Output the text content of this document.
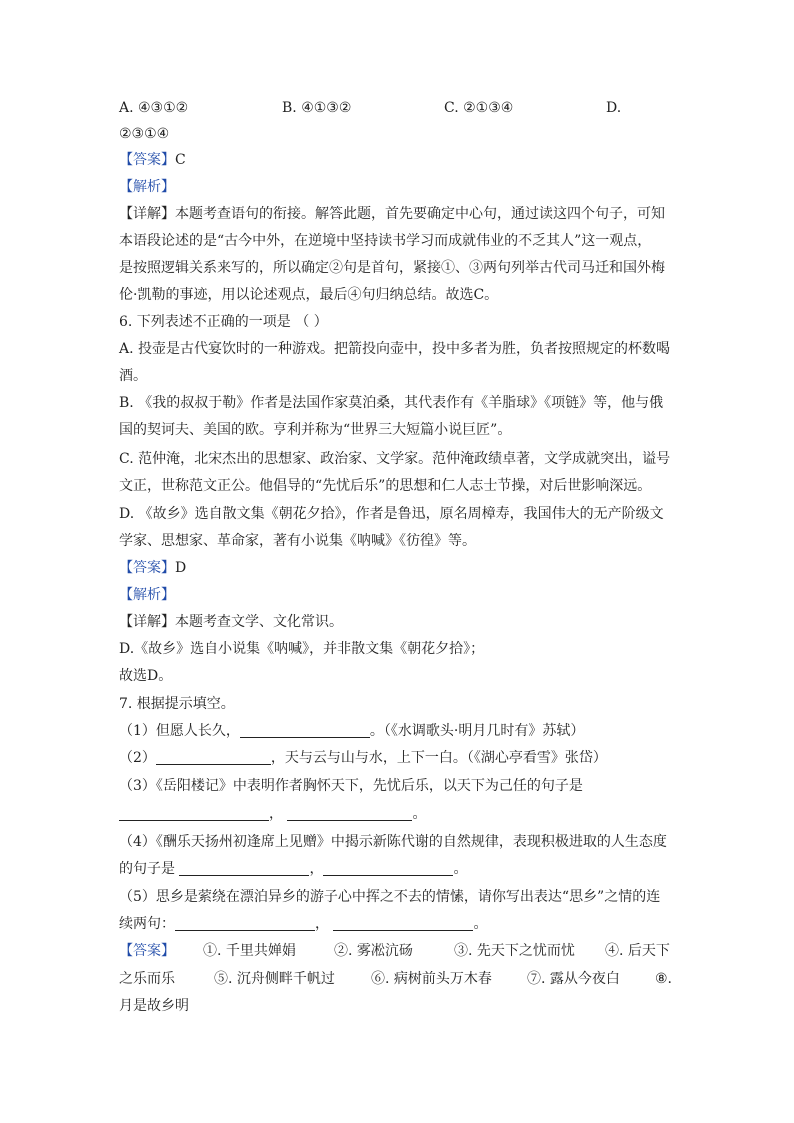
A. ④③①②	B. ④①③②	C. ②①③④	D.
②③①④
【答案】C
【解析】
【详解】本题考查语句的衔接。解答此题，首先要确定中心句，通过读这四个句子，可知
本语段论述的是“古今中外，在逆境中坚持读书学习而成就伟业的不乏其人”这一观点，
是按照逻辑关系来写的，所以确定②句是首句，紧接①、③两句列举古代司马迁和国外梅
伦·凯勒的事迹，用以论述观点，最后④句归纳总结。故选C。
6. 下列表述不正确的一项是 （ ）
A. 投壶是古代宴饮时的一种游戏。把箭投向壶中，投中多者为胜，负者按照规定的杯数喝
酒。
B. 《我的叔叔于勒》作者是法国作家莫泊桑，其代表作有《羊脂球》《项链》等，他与俄
国的契诃夫、美国的欧。亨利并称为“世界三大短篇小说巨匠”。
C. 范仲淹，北宋杰出的思想家、政治家、文学家。范仲淹政绩卓著，文学成就突出，谥号
文正，世称范文正公。他倡导的“先忧后乐”的思想和仁人志士节操，对后世影响深远。
D. 《故乡》选自散文集《朝花夕拾》，作者是鲁迅，原名周樟寿，我国伟大的无产阶级文
学家、思想家、革命家，著有小说集《呐喊》《彷徨》等。
【答案】D
【解析】
【详解】本题考查文学、文化常识。
D.《故乡》选自小说集《呐喊》，并非散文集《朝花夕拾》；
故选D。
7. 根据提示填空。
（1）但愿人长久，	。（《水调歌头·明月几时有》苏轼）
（2）	，天与云与山与水，上下一白。（《湖心亭看雪》张岱）
（3）《岳阳楼记》中表明作者胸怀天下，先忧后乐，以天下为己任的句子是
，	。
（4）《酬乐天扬州初逢席上见赠》中揭示新陈代谢的自然规律，表现积极进取的人生态度
的句子是	，	。
（5）思乡是萦绕在漂泊异乡的游子心中挥之不去的情愫，请你写出表达“思乡”之情的连
续两句：	，	。
【答案】 ①. 千里共婵娟	②. 雾凇沆砀	③. 先天下之忧而忧 ④. 后天下
之乐而乐	⑤. 沉舟侧畔千帆过	⑥. 病树前头万木春	⑦. 露从今夜白	⑧.
月是故乡明
